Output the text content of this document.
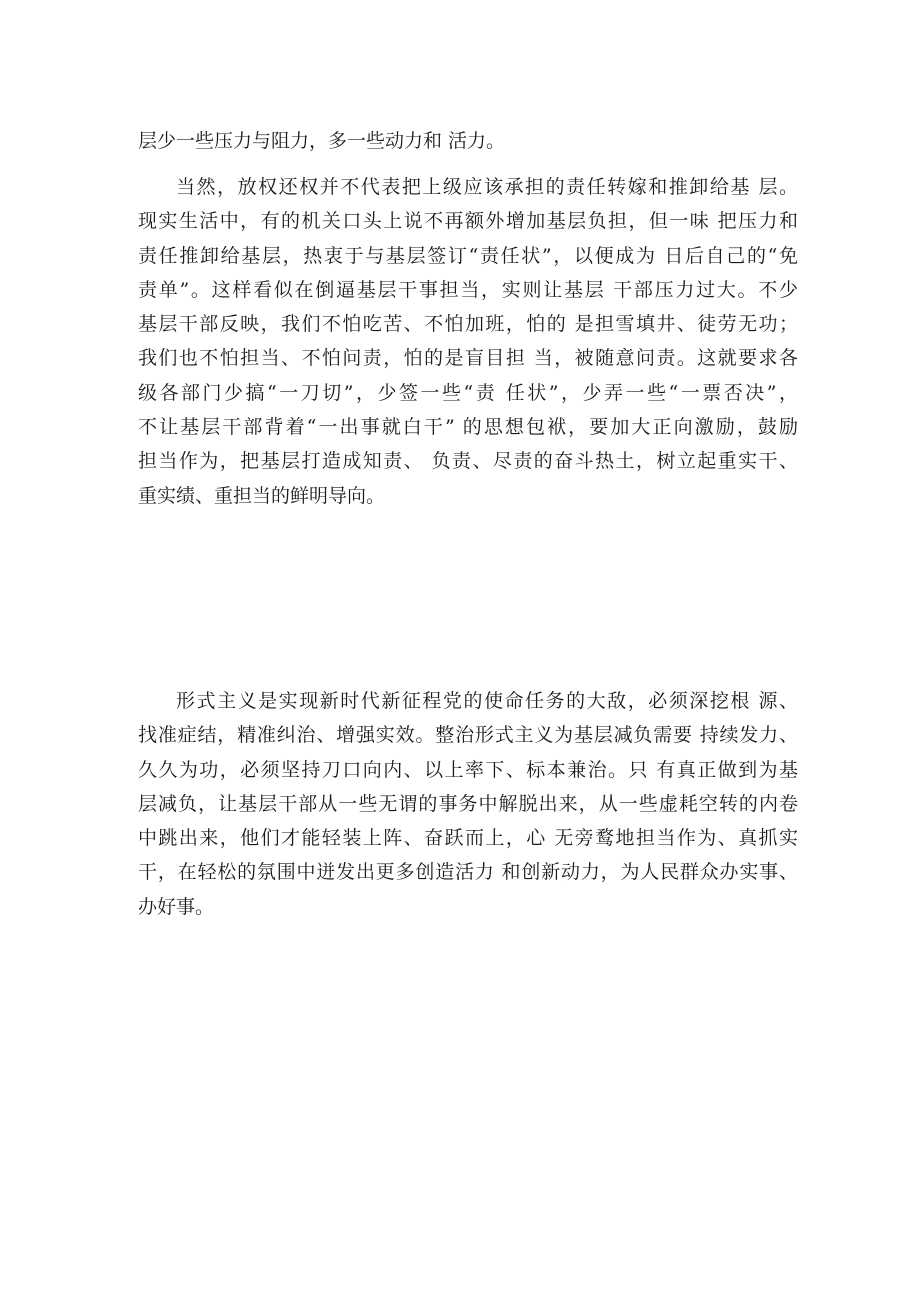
层少一些压力与阻力，多一些动力和 活力。

当然，放权还权并不代表把上级应该承担的责任转嫁和推卸给基 层。
现实生活中，有的机关口头上说不再额外增加基层负担，但一味 把压力和
责任推卸给基层，热衷于与基层签订“责任状”，以便成为 日后自己的“免
责单”。这样看似在倒逼基层干事担当，实则让基层 干部压力过大。不少
基层干部反映，我们不怕吃苦、不怕加班，怕的 是担雪填井、徒劳无功；
我们也不怕担当、不怕问责，怕的是盲目担 当，被随意问责。这就要求各
级各部门少搞“一刀切”，少签一些“责 任状”，少弄一些“一票否决”，
不让基层干部背着“一出事就白干” 的思想包袱，要加大正向激励，鼓励
担当作为，把基层打造成知责、 负责、尽责的奋斗热土，树立起重实干、
重实绩、重担当的鲜明导向。

形式主义是实现新时代新征程党的使命任务的大敌，必须深挖根 源、
找准症结，精准纠治、增强实效。整治形式主义为基层减负需要 持续发力、
久久为功，必须坚持刀口向内、以上率下、标本兼治。只 有真正做到为基
层减负，让基层干部从一些无谓的事务中解脱出来，从一些虚耗空转的内卷
中跳出来，他们才能轻装上阵、奋跃而上，心 无旁鹜地担当作为、真抓实
干，在轻松的氛围中迸发出更多创造活力 和创新动力，为人民群众办实事、
办好事。
